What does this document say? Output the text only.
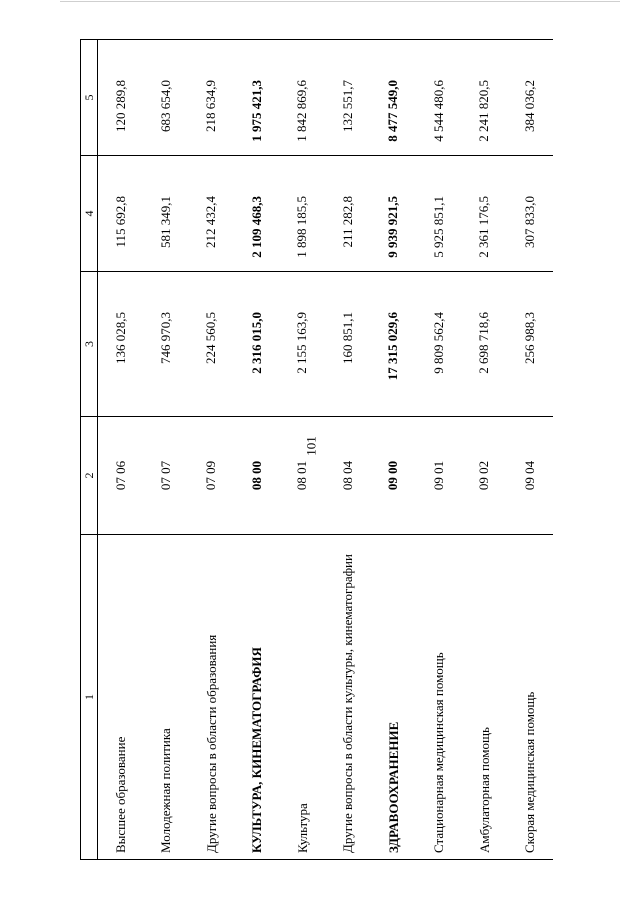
101
1	2	3	4	5
Высшее образование	07 06	136 028,5	115 692,8	120 289,8
Молодежная политика	07 07	746 970,3	581 349,1	683 654,0
Другие вопросы в области образования	07 09	224 560,5	212 432,4	218 634,9
КУЛЬТУРА, КИНЕМАТОГРАФИЯ	08 00	2 316 015,0	2 109 468,3	1 975 421,3
Культура	08 01	2 155 163,9	1 898 185,5	1 842 869,6
Другие вопросы в области культуры, кинематографии	08 04	160 851,1	211 282,8	132 551,7
ЗДРАВООХРАНЕНИЕ	09 00	17 315 029,6	9 939 921,5	8 477 549,0
Стационарная медицинская помощь	09 01	9 809 562,4	5 925 851,1	4 544 480,6
Амбулаторная помощь	09 02	2 698 718,6	2 361 176,5	2 241 820,5
Скорая медицинская помощь	09 04	256 988,3	307 833,0	384 036,2
